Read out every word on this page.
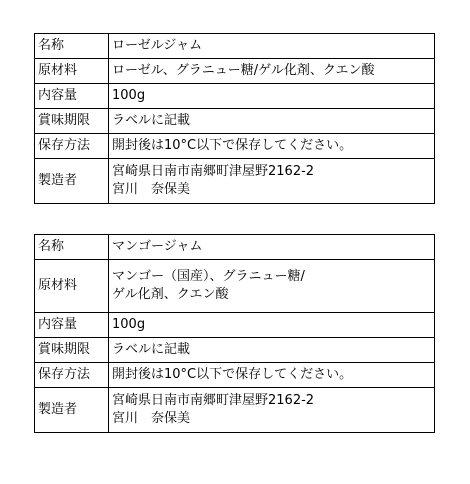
名称	ローゼルジャム

原材料	ローゼル、グラニュー糖/ゲル化剤、クエン酸

内容量	100g

賞味期限	ラベルに記載

保存方法	開封後は10°C以下で保存してください。

製造者	宮崎県日南市南郷町津屋野2162-2
宮川　奈保美
名称	マンゴージャム

原材料	マンゴー（国産）、グラニュー糖/
ゲル化剤、クエン酸

内容量	100g

賞味期限	ラベルに記載

保存方法	開封後は10°C以下で保存してください。

製造者	宮崎県日南市南郷町津屋野2162-2
宮川　奈保美
